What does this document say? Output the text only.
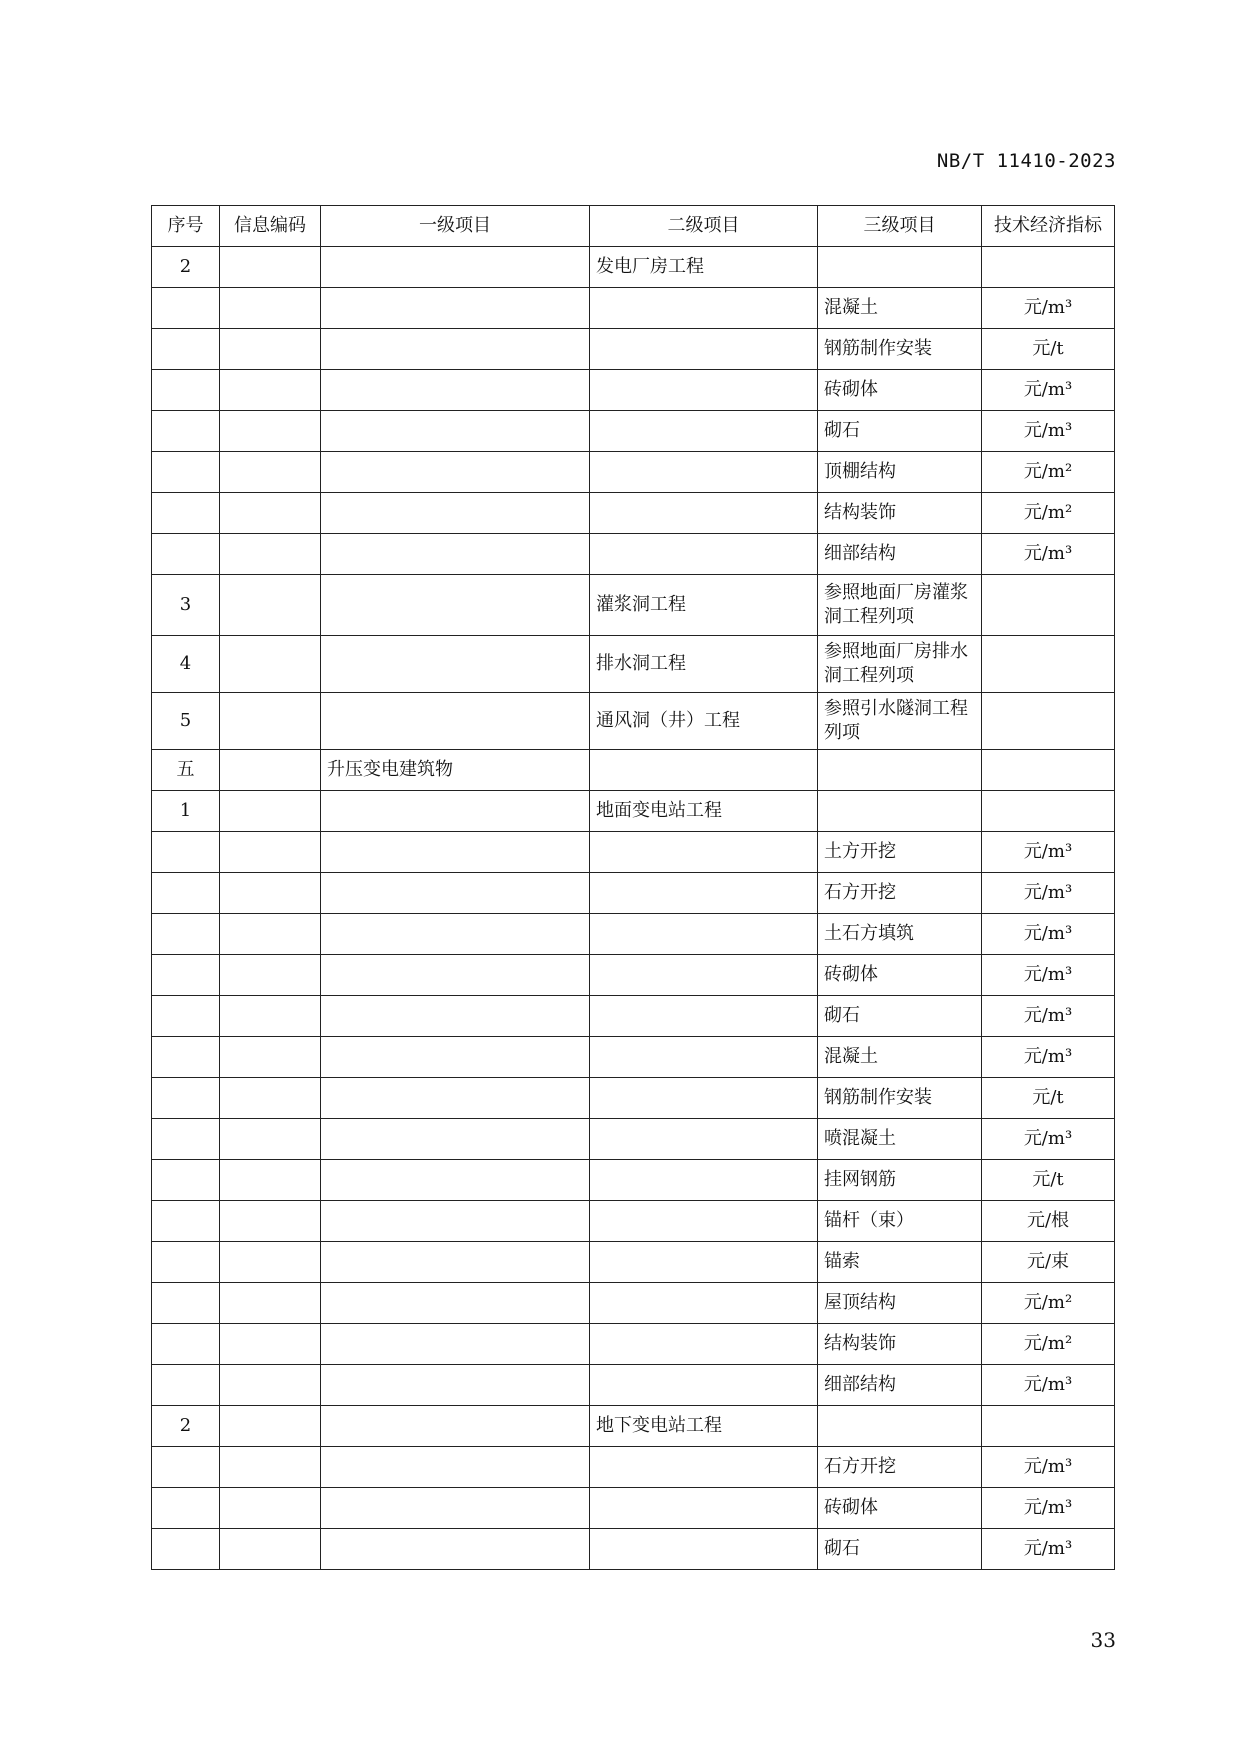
NB/T 11410-2023
序号	信息编码	一级项目	二级项目	三级项目	技术经济指标
2			发电厂房工程		
				混凝土	元/m³
				钢筋制作安装	元/t
				砖砌体	元/m³
				砌石	元/m³
				顶棚结构	元/m²
				结构装饰	元/m²
				细部结构	元/m³
3			灌浆洞工程	参照地面厂房灌浆洞工程列项	
4			排水洞工程	参照地面厂房排水洞工程列项	
5			通风洞（井）工程	参照引水隧洞工程列项	
五		升压变电建筑物			
1			地面变电站工程		
				土方开挖	元/m³
				石方开挖	元/m³
				土石方填筑	元/m³
				砖砌体	元/m³
				砌石	元/m³
				混凝土	元/m³
				钢筋制作安装	元/t
				喷混凝土	元/m³
				挂网钢筋	元/t
				锚杆（束）	元/根
				锚索	元/束
				屋顶结构	元/m²
				结构装饰	元/m²
				细部结构	元/m³
2			地下变电站工程		
				石方开挖	元/m³
				砖砌体	元/m³
				砌石	元/m³
33
